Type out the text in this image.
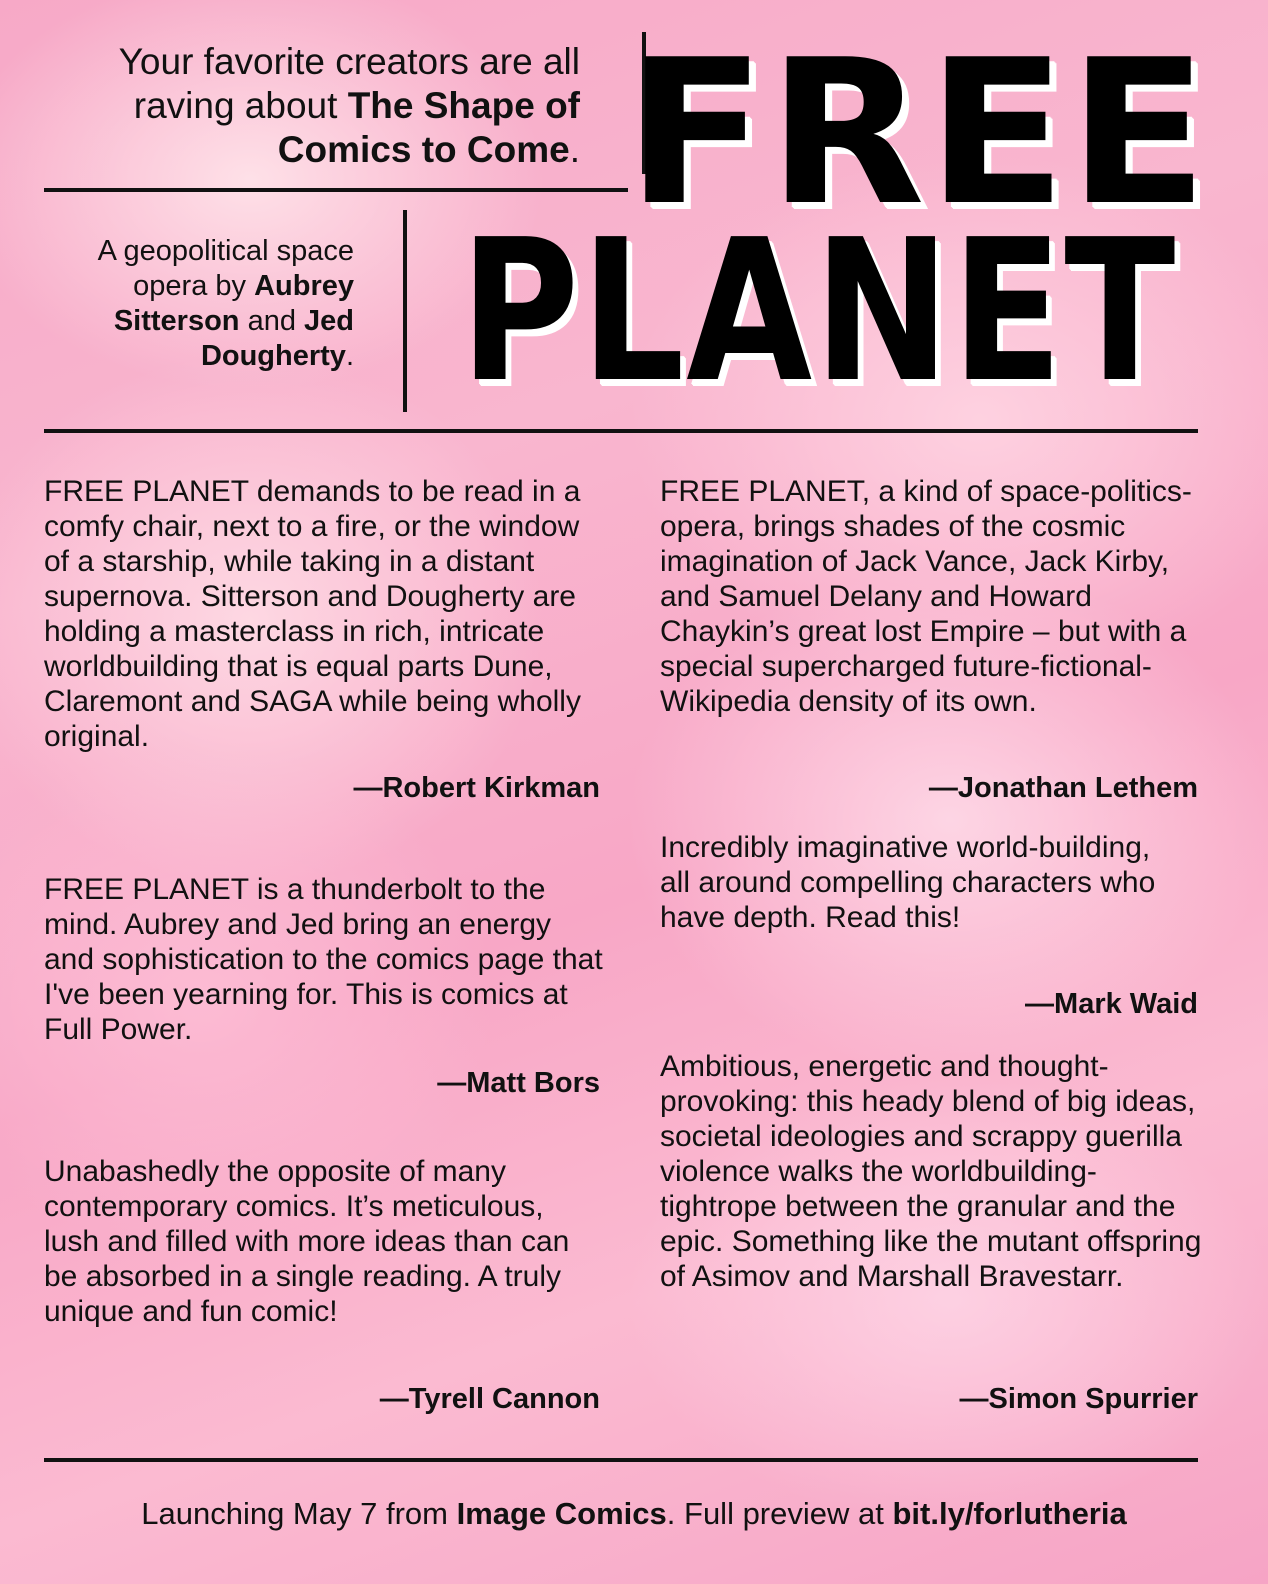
Your favorite creators are all raving about The Shape of Comics to Come. FREE
PLANET
A geopolitical space opera by Aubrey Sitterson and Jed Dougherty.
FREE PLANET demands to be read in a comfy chair, next to a fire, or the window of a starship, while taking in a distant supernova. Sitterson and Dougherty are holding a masterclass in rich, intricate worldbuilding that is equal parts Dune, Claremont and SAGA while being wholly original.
—Robert Kirkman
FREE PLANET is a thunderbolt to the mind. Aubrey and Jed bring an energy and sophistication to the comics page that I've been yearning for. This is comics at Full Power.
—Matt Bors
Unabashedly the opposite of many contemporary comics. It’s meticulous, lush and filled with more ideas than can be absorbed in a single reading. A truly unique and fun comic!
—Tyrell Cannon
FREE PLANET, a kind of space-politics-opera, brings shades of the cosmic imagination of Jack Vance, Jack Kirby, and Samuel Delany and Howard Chaykin’s great lost Empire – but with a special supercharged future-fictional-Wikipedia density of its own.
—Jonathan Lethem
Incredibly imaginative world-building, all around compelling characters who have depth. Read this!
—Mark Waid
Ambitious, energetic and thought-provoking: this heady blend of big ideas, societal ideologies and scrappy guerilla violence walks the worldbuilding-tightrope between the granular and the epic. Something like the mutant offspring of Asimov and Marshall Bravestarr.
—Simon Spurrier
Launching May 7 from Image Comics. Full preview at bit.ly/forlutheria
